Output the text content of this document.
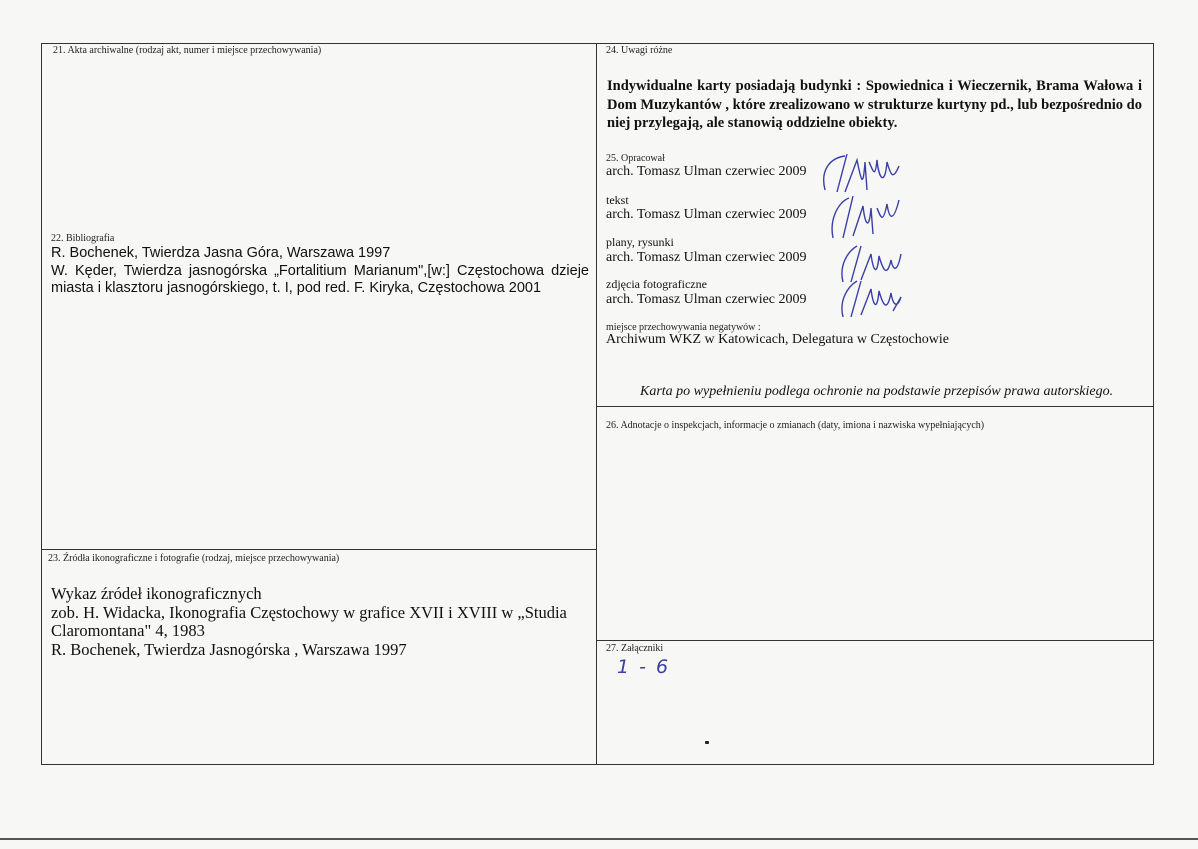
21. Akta archiwalne (rodzaj akt, numer i miejsce przechowywania)
22. Bibliografia
R. Bochenek, Twierdza Jasna Góra, Warszawa 1997
W. Kęder, Twierdza jasnogórska „Fortalitium Marianum",[w:] Częstochowa dzieje miasta i klasztoru jasnogórskiego, t. I, pod red. F. Kiryka, Częstochowa 2001
23. Źródła ikonograficzne i fotografie (rodzaj, miejsce przechowywania)
Wykaz źródeł ikonograficznych
zob. H. Widacka, Ikonografia Częstochowy w grafice XVII i XVIII w „Studia Claromontana" 4, 1983
R. Bochenek, Twierdza Jasnogórska , Warszawa 1997
24. Uwagi różne
Indywidualne karty posiadają budynki : Spowiednica i Wieczernik, Brama Wałowa i Dom Muzykantów , które zrealizowano w strukturze kurtyny pd., lub bezpośrednio do niej przylegają, ale stanowią oddzielne obiekty.
25. Opracował
arch. Tomasz Ulman czerwiec 2009
tekst
arch. Tomasz Ulman czerwiec 2009
plany, rysunki
arch. Tomasz Ulman czerwiec 2009
zdjęcia fotograficzne
arch. Tomasz Ulman czerwiec 2009
miejsce przechowywania negatywów :
Archiwum WKZ w Katowicach, Delegatura w Częstochowie
Karta po wypełnieniu podlega ochronie na podstawie przepisów prawa autorskiego.
26. Adnotacje o inspekcjach, informacje o zmianach (daty, imiona i nazwiska wypełniających)
27. Załączniki
1 - 6
